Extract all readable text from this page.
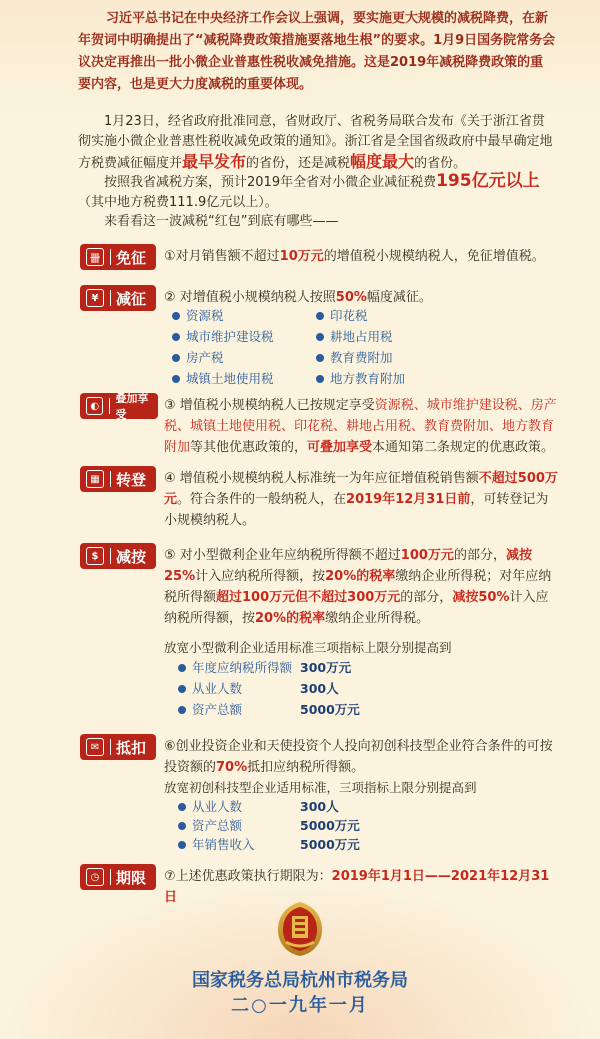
习近平总书记在中央经济工作会议上强调，要实施更大规模的减税降费，在新年贺词中明确提出了“减税降费政策措施要落地生根”的要求。1月9日国务院常务会议决定再推出一批小微企业普惠性税收减免措施。这是2019年减税降费政策的重要内容，也是更大力度减税的重要体现。

1月23日，经省政府批准同意，省财政厅、省税务局联合发布《关于浙江省贯彻实施小微企业普惠性税收减免政策的通知》。浙江省是全国省级政府中最早确定地方税费减征幅度并最早发布的省份，还是减税幅度最大的省份。

按照我省减税方案，预计2019年全省对小微企业减征税费195亿元以上（其中地方税费111.9亿元以上）。

来看看这一波减税“红包”到底有哪些——

卌 免征 ①对月销售额不超过10万元的增值税小规模纳税人，免征增值税。

¥	减征 ② 对增值税小规模纳税人按照50%幅度减征。

资源税	印花税
城市维护建设税	耕地占用税
房产税	教育费附加
城镇土地使用税	地方教育附加
◐
叠加享受

③ 增值税小规模纳税人已按规定享受资源税、城市维护建设税、房产税、城镇土地使用税、印花税、耕地占用税、教育费附加、地方教育附加等其他优惠政策的，可叠加享受本通知第二条规定的优惠政策。

▦ 转登 ④ 增值税小规模纳税人标准统一为年应征增值税销售额不超过500万元。符合条件的一般纳税人，在2019年12月31日前，可转登记为小规模纳税人。

$	减按 ⑤ 对小型微利企业年应纳税所得额不超过100万元的部分，减按25%计入应纳税所得额，按20%的税率缴纳企业所得税；对年应纳税所得额超过100万元但不超过300万元的部分，减按50%计入应纳税所得额，按20%的税率缴纳企业所得税。

放宽小型微利企业适用标准三项指标上限分别提高到
年度应纳税所得额 300万元
从业人数	300人
资产总额	5000万元
✉	抵扣 ⑥创业投资企业和天使投资个人投向初创科技型企业符合条件的可按投资额的70%抵扣应纳税所得额。

放宽初创科技型企业适用标准，三项指标上限分别提高到
从业人数	300人
资产总额	5000万元
年销售收入	5000万元
◷	期限 ⑦上述优惠政策执行期限为：2019年1月1日——2021年12月31日

国家税务总局杭州市税务局
二○一九年一月
